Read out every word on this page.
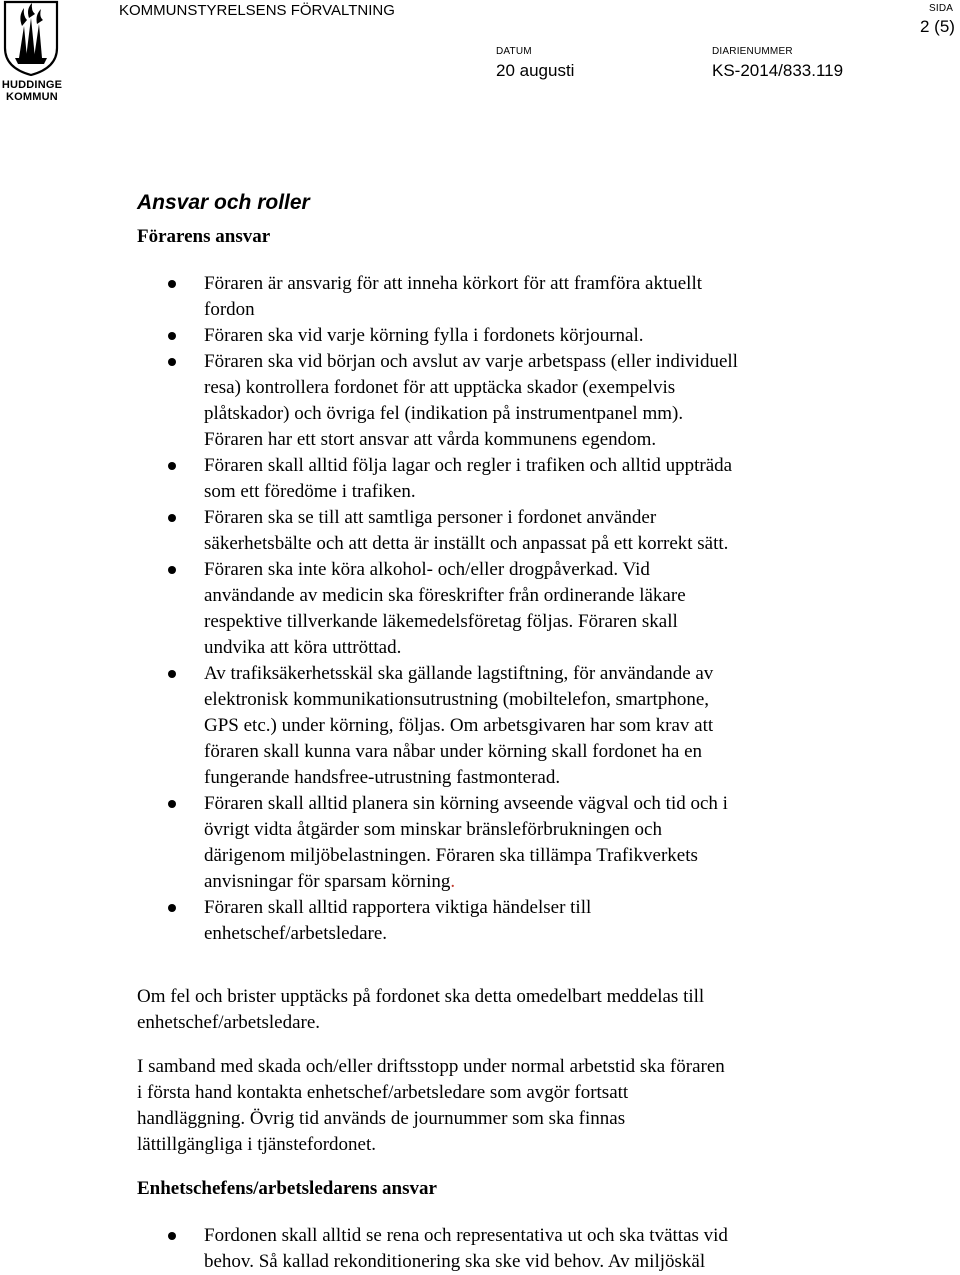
HUDDINGE
KOMMUN
KOMMUNSTYRELSENS FÖRVALTNING
DATUM
20 augusti
DIARIENUMMER
KS-2014/833.119
SIDA
2 (5)
Ansvar och roller
Förarens ansvar
Föraren är ansvarig för att inneha körkort för att framföra aktuellt
fordon
Föraren ska vid varje körning fylla i fordonets körjournal.
Föraren ska vid början och avslut av varje arbetspass (eller individuell
resa) kontrollera fordonet för att upptäcka skador (exempelvis
plåtskador) och övriga fel (indikation på instrumentpanel mm).
Föraren har ett stort ansvar att vårda kommunens egendom.
Föraren skall alltid följa lagar och regler i trafiken och alltid uppträda
som ett föredöme i trafiken.
Föraren ska se till att samtliga personer i fordonet använder
säkerhetsbälte och att detta är inställt och anpassat på ett korrekt sätt.
Föraren ska inte köra alkohol- och/eller drogpåverkad. Vid
användande av medicin ska föreskrifter från ordinerande läkare
respektive tillverkande läkemedelsföretag följas. Föraren skall
undvika att köra uttröttad.
Av trafiksäkerhetsskäl ska gällande lagstiftning, för användande av
elektronisk kommunikationsutrustning (mobiltelefon, smartphone,
GPS etc.) under körning, följas. Om arbetsgivaren har som krav att
föraren skall kunna vara nåbar under körning skall fordonet ha en
fungerande handsfree-utrustning fastmonterad.
Föraren skall alltid planera sin körning avseende vägval och tid och i
övrigt vidta åtgärder som minskar bränsleförbrukningen och
därigenom miljöbelastningen. Föraren ska tillämpa Trafikverkets
anvisningar för sparsam körning.
Föraren skall alltid rapportera viktiga händelser till
enhetschef/arbetsledare.
Om fel och brister upptäcks på fordonet ska detta omedelbart meddelas till
enhetschef/arbetsledare.
I samband med skada och/eller driftsstopp under normal arbetstid ska föraren
i första hand kontakta enhetschef/arbetsledare som avgör fortsatt
handläggning. Övrig tid används de journummer som ska finnas
lättillgängliga i tjänstefordonet.
Enhetschefens/arbetsledarens ansvar
Fordonen skall alltid se rena och representativa ut och ska tvättas vid
behov. Så kallad rekonditionering ska ske vid behov. Av miljöskäl
